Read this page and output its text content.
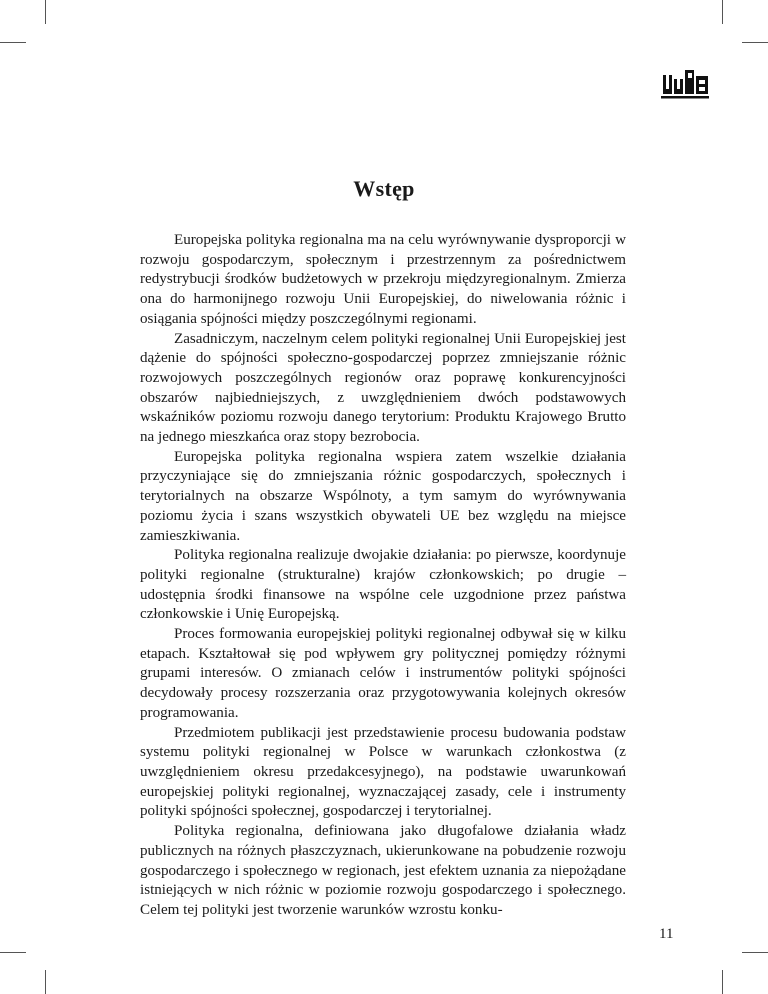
Wstęp

Europejska polityka regionalna ma na celu wyrównywanie dysproporcji w rozwoju gospodarczym, społecznym i przestrzennym za pośrednictwem redystrybucji środków budżetowych w przekroju międzyregionalnym. Zmierza ona do harmonijnego rozwoju Unii Europejskiej, do niwelowania różnic i osiągania spójności między poszczególnymi regionami.

Zasadniczym, naczelnym celem polityki regionalnej Unii Europejskiej jest dążenie do spójności społeczno-gospodarczej poprzez zmniejszanie różnic rozwojowych poszczególnych regionów oraz poprawę konkurencyjności obszarów najbiedniejszych, z uwzględnieniem dwóch podstawowych wskaźników poziomu rozwoju danego terytorium: Produktu Krajowego Brutto na jednego mieszkańca oraz stopy bezrobocia.

Europejska polityka regionalna wspiera zatem wszelkie działania przyczyniające się do zmniejszania różnic gospodarczych, społecznych i terytorialnych na obszarze Wspólnoty, a tym samym do wyrównywania poziomu życia i szans wszystkich obywateli UE bez względu na miejsce zamieszkiwania.

Polityka regionalna realizuje dwojakie działania: po pierwsze, koordynuje polityki regionalne (strukturalne) krajów członkowskich; po drugie – udostępnia środki finansowe na wspólne cele uzgodnione przez państwa członkowskie i Unię Europejską.

Proces formowania europejskiej polityki regionalnej odbywał się w kilku etapach. Kształtował się pod wpływem gry politycznej pomiędzy różnymi grupami interesów. O zmianach celów i instrumentów polityki spójności decydowały procesy rozszerzania oraz przygotowywania kolejnych okresów programowania.

Przedmiotem publikacji jest przedstawienie procesu budowania podstaw systemu polityki regionalnej w Polsce w warunkach członkostwa (z uwzględnieniem okresu przedakcesyjnego), na podstawie uwarunkowań europejskiej polityki regionalnej, wyznaczającej zasady, cele i instrumenty polityki spójności społecznej, gospodarczej i terytorialnej.

Polityka regionalna, definiowana jako długofalowe działania władz publicznych na różnych płaszczyznach, ukierunkowane na pobudzenie rozwoju gospodarczego i społecznego w regionach, jest efektem uznania za niepożądane istniejących w nich różnic w poziomie rozwoju gospodarczego i społecznego. Celem tej polityki jest tworzenie warunków wzrostu konku-

11
